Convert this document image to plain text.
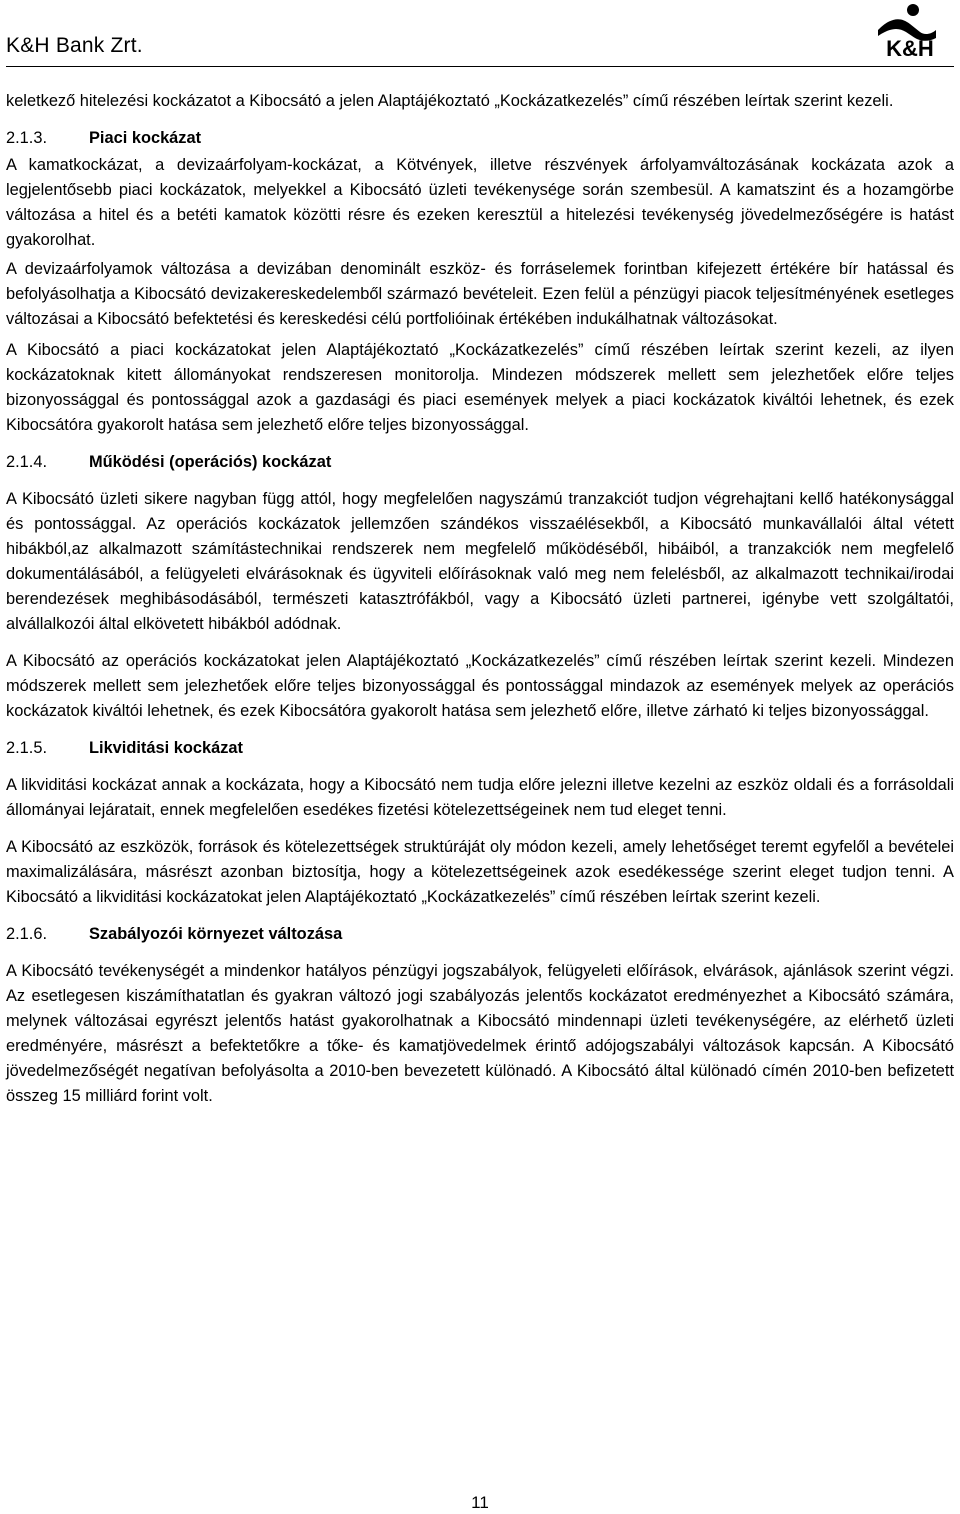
K&H Bank Zrt.	K&H

keletkező hitelezési kockázatot a Kibocsátó a jelen Alaptájékoztató „Kockázatkezelés” című részében leírtak szerint kezeli.

2.1.3.	Piaci kockázat

A kamatkockázat, a devizaárfolyam-kockázat, a Kötvények, illetve részvények árfolyamváltozásának kockázata azok a legjelentősebb piaci kockázatok, melyekkel a Kibocsátó üzleti tevékenysége során szembesül. A kamatszint és a hozamgörbe változása a hitel és a betéti kamatok közötti résre és ezeken keresztül a hitelezési tevékenység jövedelmezőségére is hatást gyakorolhat.

A devizaárfolyamok változása a devizában denominált eszköz- és forráselemek forintban kifejezett értékére bír hatással és befolyásolhatja a Kibocsátó devizakereskedelemből származó bevételeit. Ezen felül a pénzügyi piacok teljesítményének esetleges változásai a Kibocsátó befektetési és kereskedési célú portfolióinak értékében indukálhatnak változásokat.

A Kibocsátó a piaci kockázatokat jelen Alaptájékoztató „Kockázatkezelés” című részében leírtak szerint kezeli, az ilyen kockázatoknak kitett állományokat rendszeresen monitorolja. Mindezen módszerek mellett sem jelezhetőek előre teljes bizonyossággal és pontossággal azok a gazdasági és piaci események melyek a piaci kockázatok kiváltói lehetnek, és ezek Kibocsátóra gyakorolt hatása sem jelezhető előre teljes bizonyossággal.

2.1.4.	Működési (operációs) kockázat

A Kibocsátó üzleti sikere nagyban függ attól, hogy megfelelően nagyszámú tranzakciót tudjon végrehajtani kellő hatékonysággal és pontossággal. Az operációs kockázatok jellemzően szándékos visszaélésekből, a Kibocsátó munkavállalói által vétett hibákból,az alkalmazott számítástechnikai rendszerek nem megfelelő működéséből, hibáiból, a tranzakciók nem megfelelő dokumentálásából, a felügyeleti elvárásoknak és ügyviteli előírásoknak való meg nem felelésből, az alkalmazott technikai/irodai berendezések meghibásodásából, természeti katasztrófákból, vagy a Kibocsátó üzleti partnerei, igénybe vett szolgáltatói, alvállalkozói által elkövetett hibákból adódnak.

A Kibocsátó az operációs kockázatokat jelen Alaptájékoztató „Kockázatkezelés” című részében leírtak szerint kezeli. Mindezen módszerek mellett sem jelezhetőek előre teljes bizonyossággal és pontossággal mindazok az események melyek az operációs kockázatok kiváltói lehetnek, és ezek Kibocsátóra gyakorolt hatása sem jelezhető előre, illetve zárható ki teljes bizonyossággal.

2.1.5.	Likviditási kockázat

A likviditási kockázat annak a kockázata, hogy a Kibocsátó nem tudja előre jelezni illetve kezelni az eszköz oldali és a forrásoldali állományai lejáratait, ennek megfelelően esedékes fizetési kötelezettségeinek nem tud eleget tenni.

A Kibocsátó az eszközök, források és kötelezettségek struktúráját oly módon kezeli, amely lehetőséget teremt egyfelől a bevételei maximalizálására, másrészt azonban biztosítja, hogy a kötelezettségeinek azok esedékessége szerint eleget tudjon tenni. A Kibocsátó a likviditási kockázatokat jelen Alaptájékoztató „Kockázatkezelés” című részében leírtak szerint kezeli.

2.1.6.	Szabályozói környezet változása

A Kibocsátó tevékenységét a mindenkor hatályos pénzügyi jogszabályok, felügyeleti előírások, elvárások, ajánlások szerint végzi. Az esetlegesen kiszámíthatatlan és gyakran változó jogi szabályozás jelentős kockázatot eredményezhet a Kibocsátó számára, melynek változásai egyrészt jelentős hatást gyakorolhatnak a Kibocsátó mindennapi üzleti tevékenységére, az elérhető üzleti eredményére, másrészt a befektetőkre a tőke- és kamatjövedelmek érintő adójogszabályi változások kapcsán. A Kibocsátó jövedelmezőségét negatívan befolyásolta a 2010-ben bevezetett különadó. A Kibocsátó által különadó címén 2010-ben befizetett összeg 15 milliárd forint volt.

11
